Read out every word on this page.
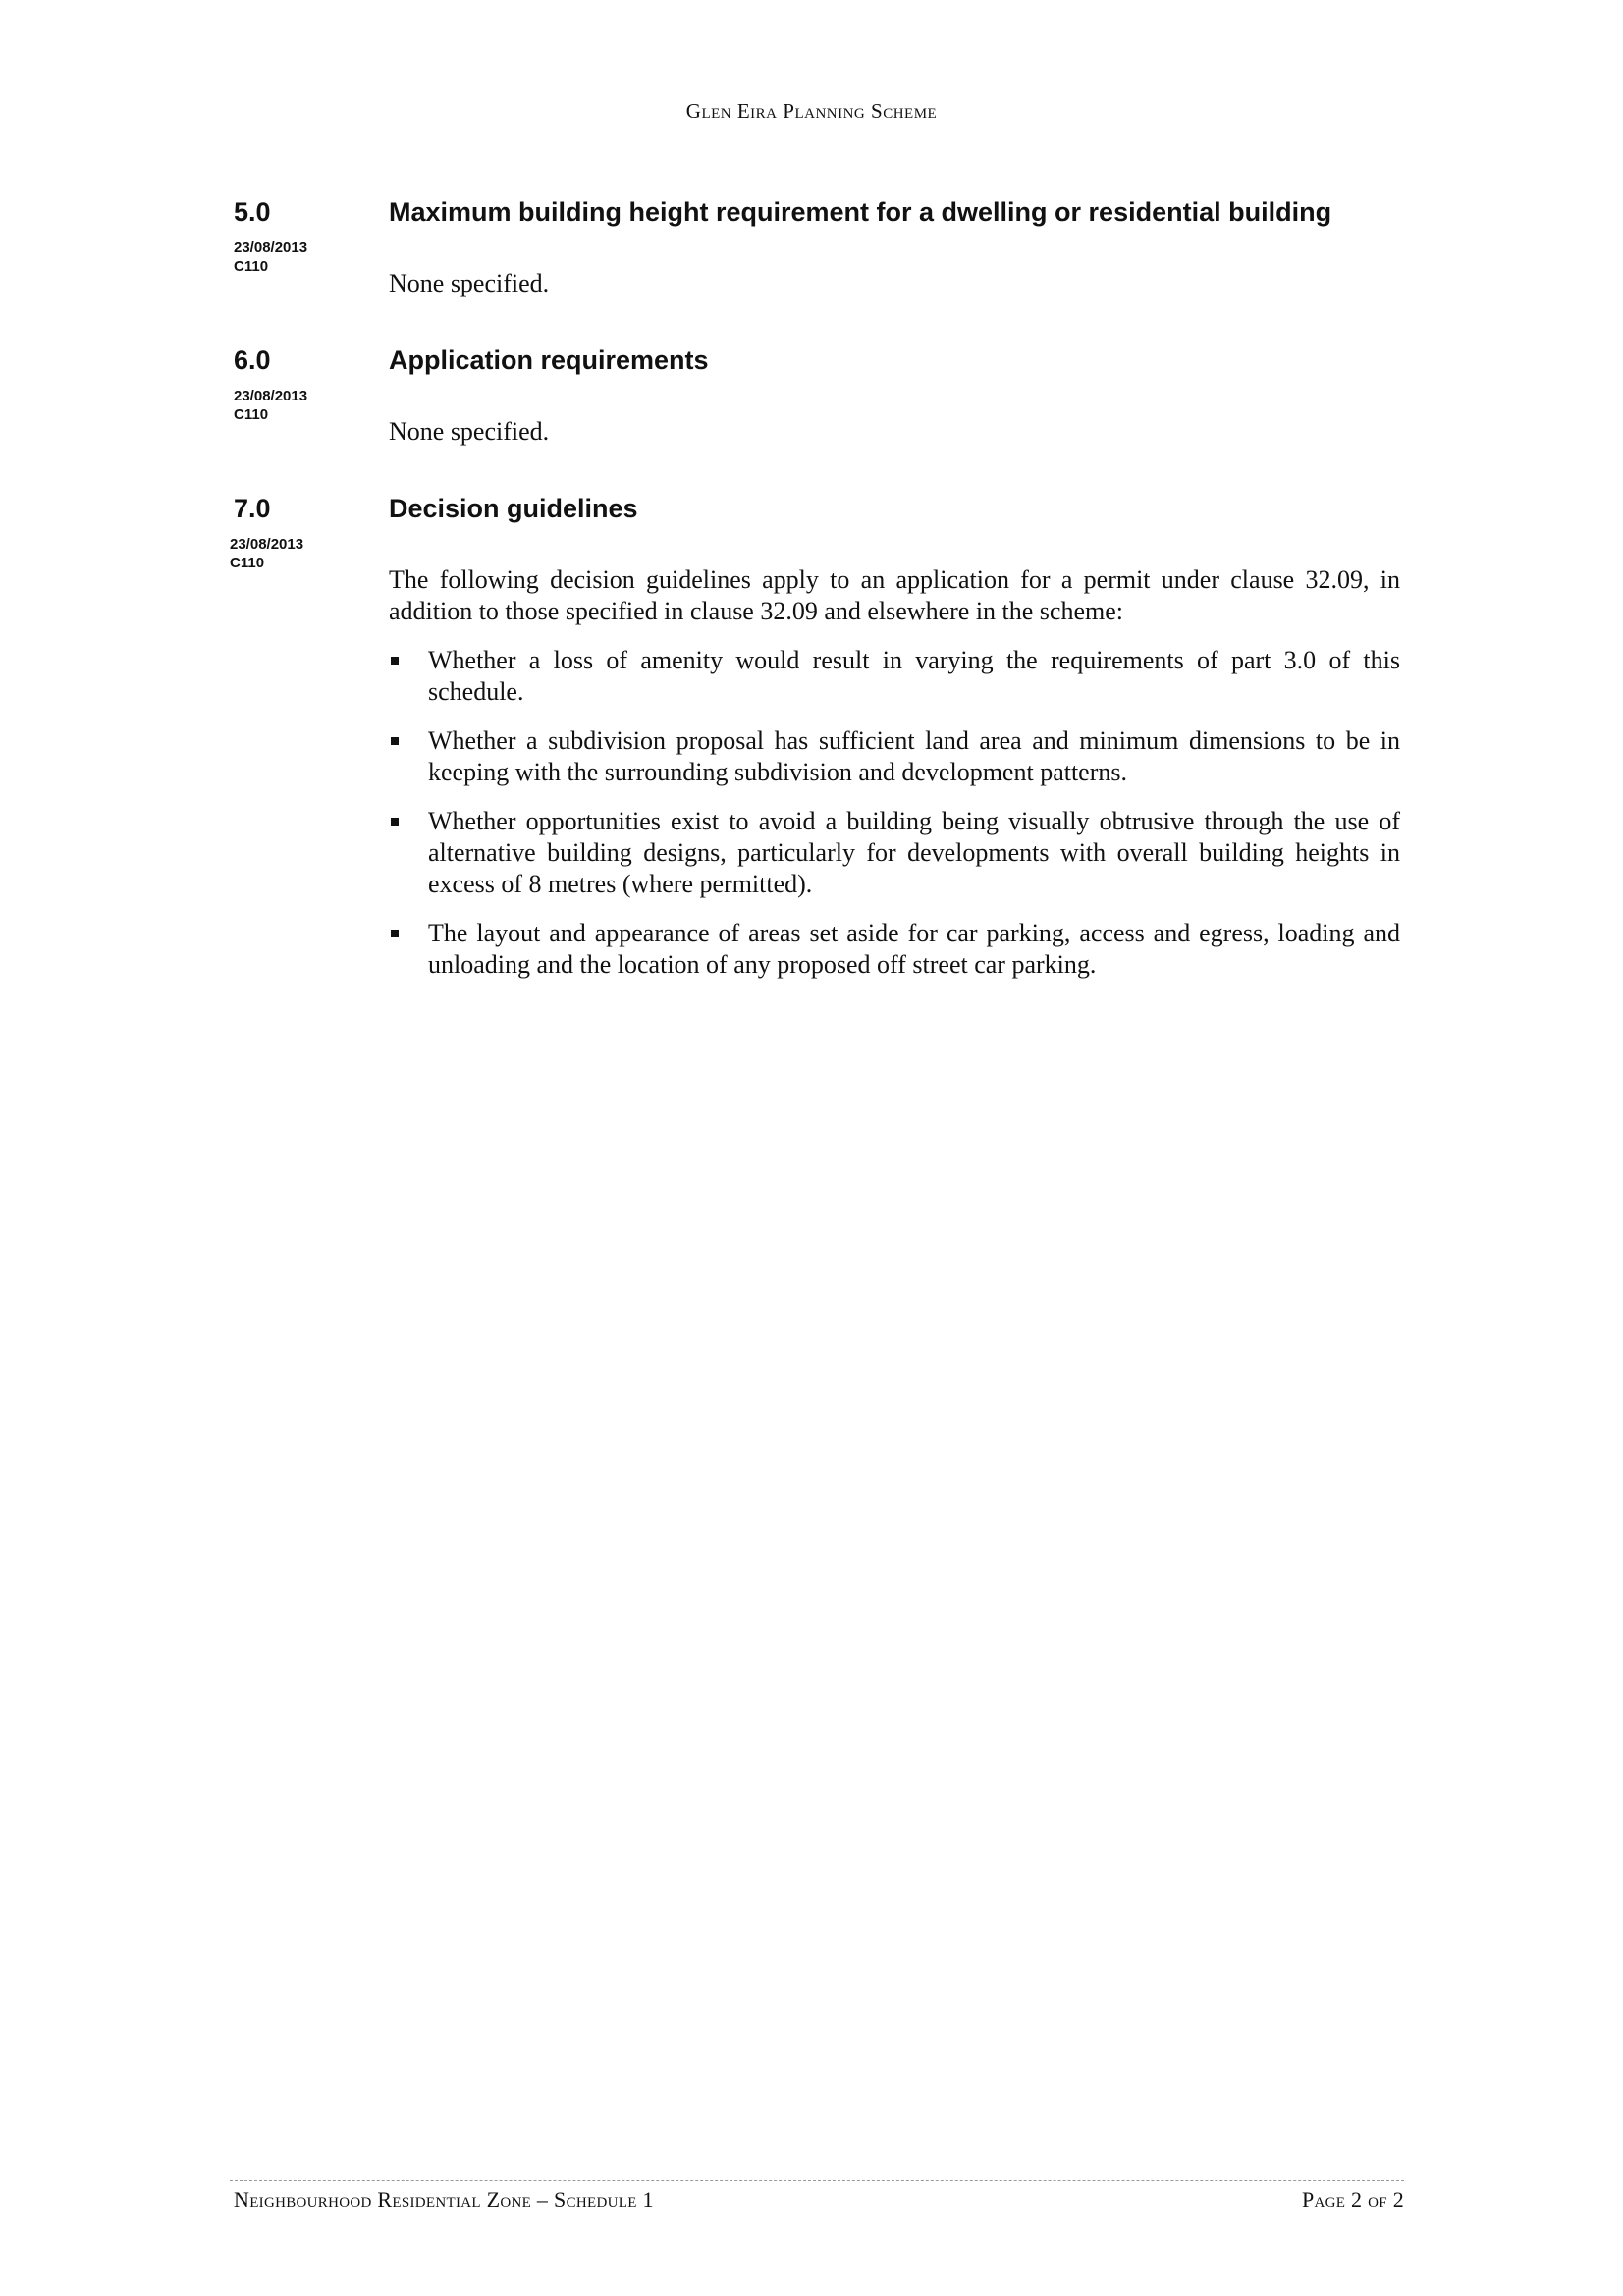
Glen Eira Planning Scheme
5.0
23/08/2013
C110
Maximum building height requirement for a dwelling or residential building

None specified.

6.0
23/08/2013
C110
Application requirements

None specified.

7.0
23/08/2013
C110
Decision guidelines

The following decision guidelines apply to an application for a permit under clause 32.09, in addition to those specified in clause 32.09 and elsewhere in the scheme:

Whether a loss of amenity would result in varying the requirements of part 3.0 of this schedule.
Whether a subdivision proposal has sufficient land area and minimum dimensions to be in keeping with the surrounding subdivision and development patterns.
Whether opportunities exist to avoid a building being visually obtrusive through the use of alternative building designs, particularly for developments with overall building heights in excess of 8 metres (where permitted).
The layout and appearance of areas set aside for car parking, access and egress, loading and unloading and the location of any proposed off street car parking.
Neighbourhood Residential Zone – Schedule 1	Page 2 of 2
